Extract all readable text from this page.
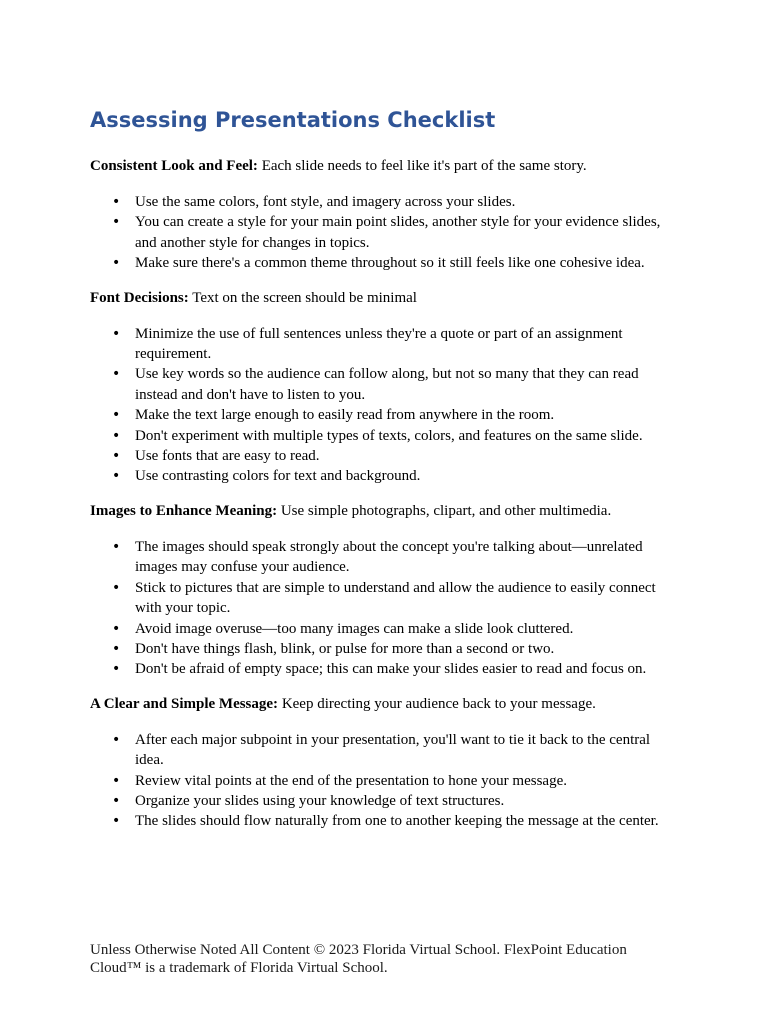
Assessing Presentations Checklist

Consistent Look and Feel: Each slide needs to feel like it's part of the same story.

• Use the same colors, font style, and imagery across your slides.
• You can create a style for your main point slides, another style for your evidence slides, and another style for changes in topics.
• Make sure there's a common theme throughout so it still feels like one cohesive idea.

Font Decisions: Text on the screen should be minimal

• Minimize the use of full sentences unless they're a quote or part of an assignment requirement.
• Use key words so the audience can follow along, but not so many that they can read instead and don't have to listen to you.
• Make the text large enough to easily read from anywhere in the room.
• Don't experiment with multiple types of texts, colors, and features on the same slide.
• Use fonts that are easy to read.
• Use contrasting colors for text and background.

Images to Enhance Meaning: Use simple photographs, clipart, and other multimedia.

• The images should speak strongly about the concept you're talking about—unrelated images may confuse your audience.
• Stick to pictures that are simple to understand and allow the audience to easily connect with your topic.
• Avoid image overuse—too many images can make a slide look cluttered.
• Don't have things flash, blink, or pulse for more than a second or two.
• Don't be afraid of empty space; this can make your slides easier to read and focus on.

A Clear and Simple Message: Keep directing your audience back to your message.

• After each major subpoint in your presentation, you'll want to tie it back to the central idea.
• Review vital points at the end of the presentation to hone your message.
• Organize your slides using your knowledge of text structures.
• The slides should flow naturally from one to another keeping the message at the center.
Unless Otherwise Noted All Content © 2023 Florida Virtual School. FlexPoint Education Cloud™ is a trademark of Florida Virtual School.
